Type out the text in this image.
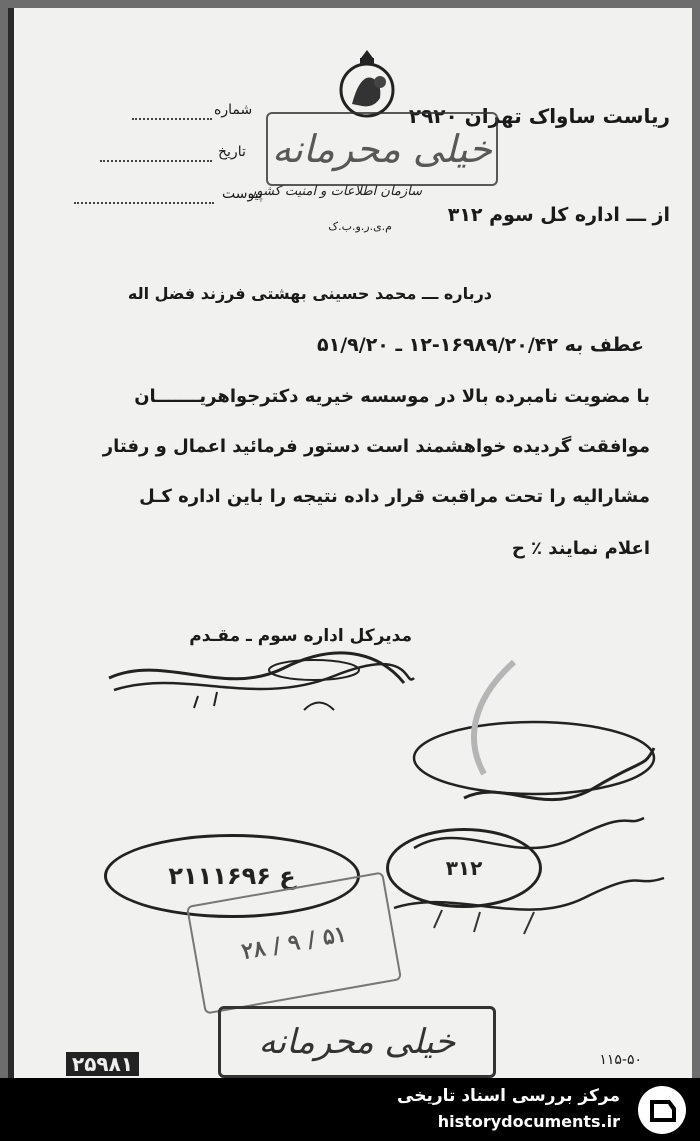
ریاست ساواک تهران ۲۹۲۰
خیلی محرمانه
سازمان اطلاعات و امنیت کشور
از ـــ اداره کل سوم ۳۱۲
م.ی.ر.و.ب.ک
شماره
تاریخ
پیوست
درباره ـــ محمد حسینی بهشتی فرزند فضل اله
عطف به ۱۶۹۸۹/۲۰/۴۲-۱۲ ـ ۵۱/۹/۲۰
با مضویت نامبرده بالا در موسسه خیریه دکترجواهریـــــــان
موافقت گردیده خواهشمند است دستور فرمائید اعمال و رفتار
مشارالیه را تحت مراقبت قرار داده نتیجه را باین اداره کـل
اعلام نمایند ٪ ح
مدیرکل اداره سوم ـ مقـدم
۲۱۱۱۶۹۶ ع	۳۱۲
۵۱ / ۹ / ۲۸
خیلی محرمانه
۲۵۹۸۱	۱۱۵-۵۰
مرکز بررسی اسناد تاریخی
historydocuments.ir
